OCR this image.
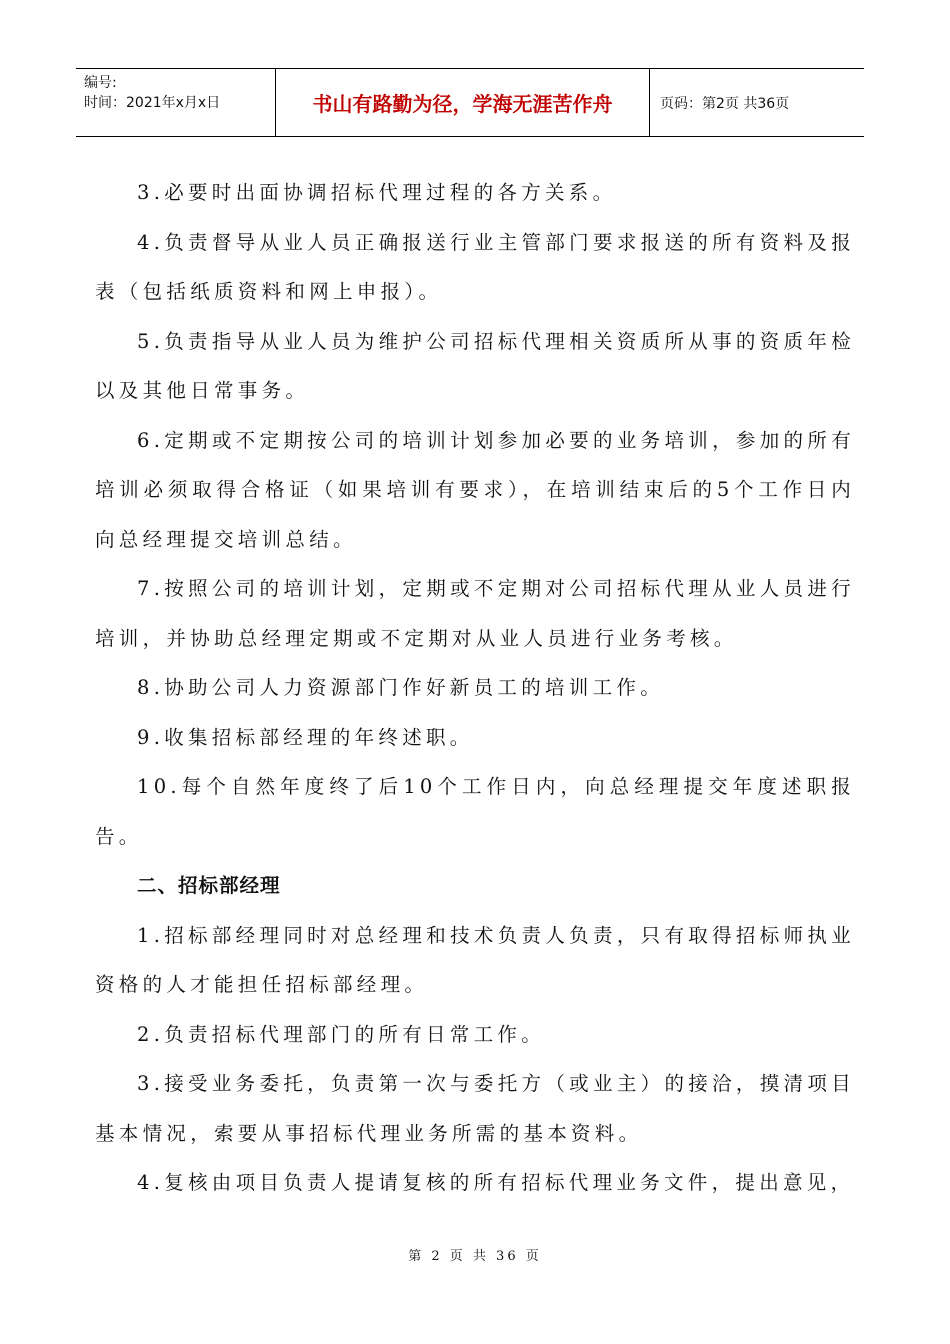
编号:
时间：2021年x月x日	书山有路勤为径，学海无涯苦作舟	页码：第2页 共36页

3.必要时出面协调招标代理过程的各方关系。

4.负责督导从业人员正确报送行业主管部门要求报送的所有资料及报表（包括纸质资料和网上申报）。

5.负责指导从业人员为维护公司招标代理相关资质所从事的资质年检以及其他日常事务。

6.定期或不定期按公司的培训计划参加必要的业务培训，参加的所有培训必须取得合格证（如果培训有要求），在培训结束后的5个工作日内向总经理提交培训总结。

7.按照公司的培训计划，定期或不定期对公司招标代理从业人员进行培训，并协助总经理定期或不定期对从业人员进行业务考核。

8.协助公司人力资源部门作好新员工的培训工作。

9.收集招标部经理的年终述职。

10.每个自然年度终了后10个工作日内，向总经理提交年度述职报告。

二、招标部经理

1.招标部经理同时对总经理和技术负责人负责，只有取得招标师执业资格的人才能担任招标部经理。

2.负责招标代理部门的所有日常工作。

3.接受业务委托，负责第一次与委托方（或业主）的接洽，摸清项目基本情况，索要从事招标代理业务所需的基本资料。

4.复核由项目负责人提请复核的所有招标代理业务文件，提出意见，

第 2 页 共 36 页
